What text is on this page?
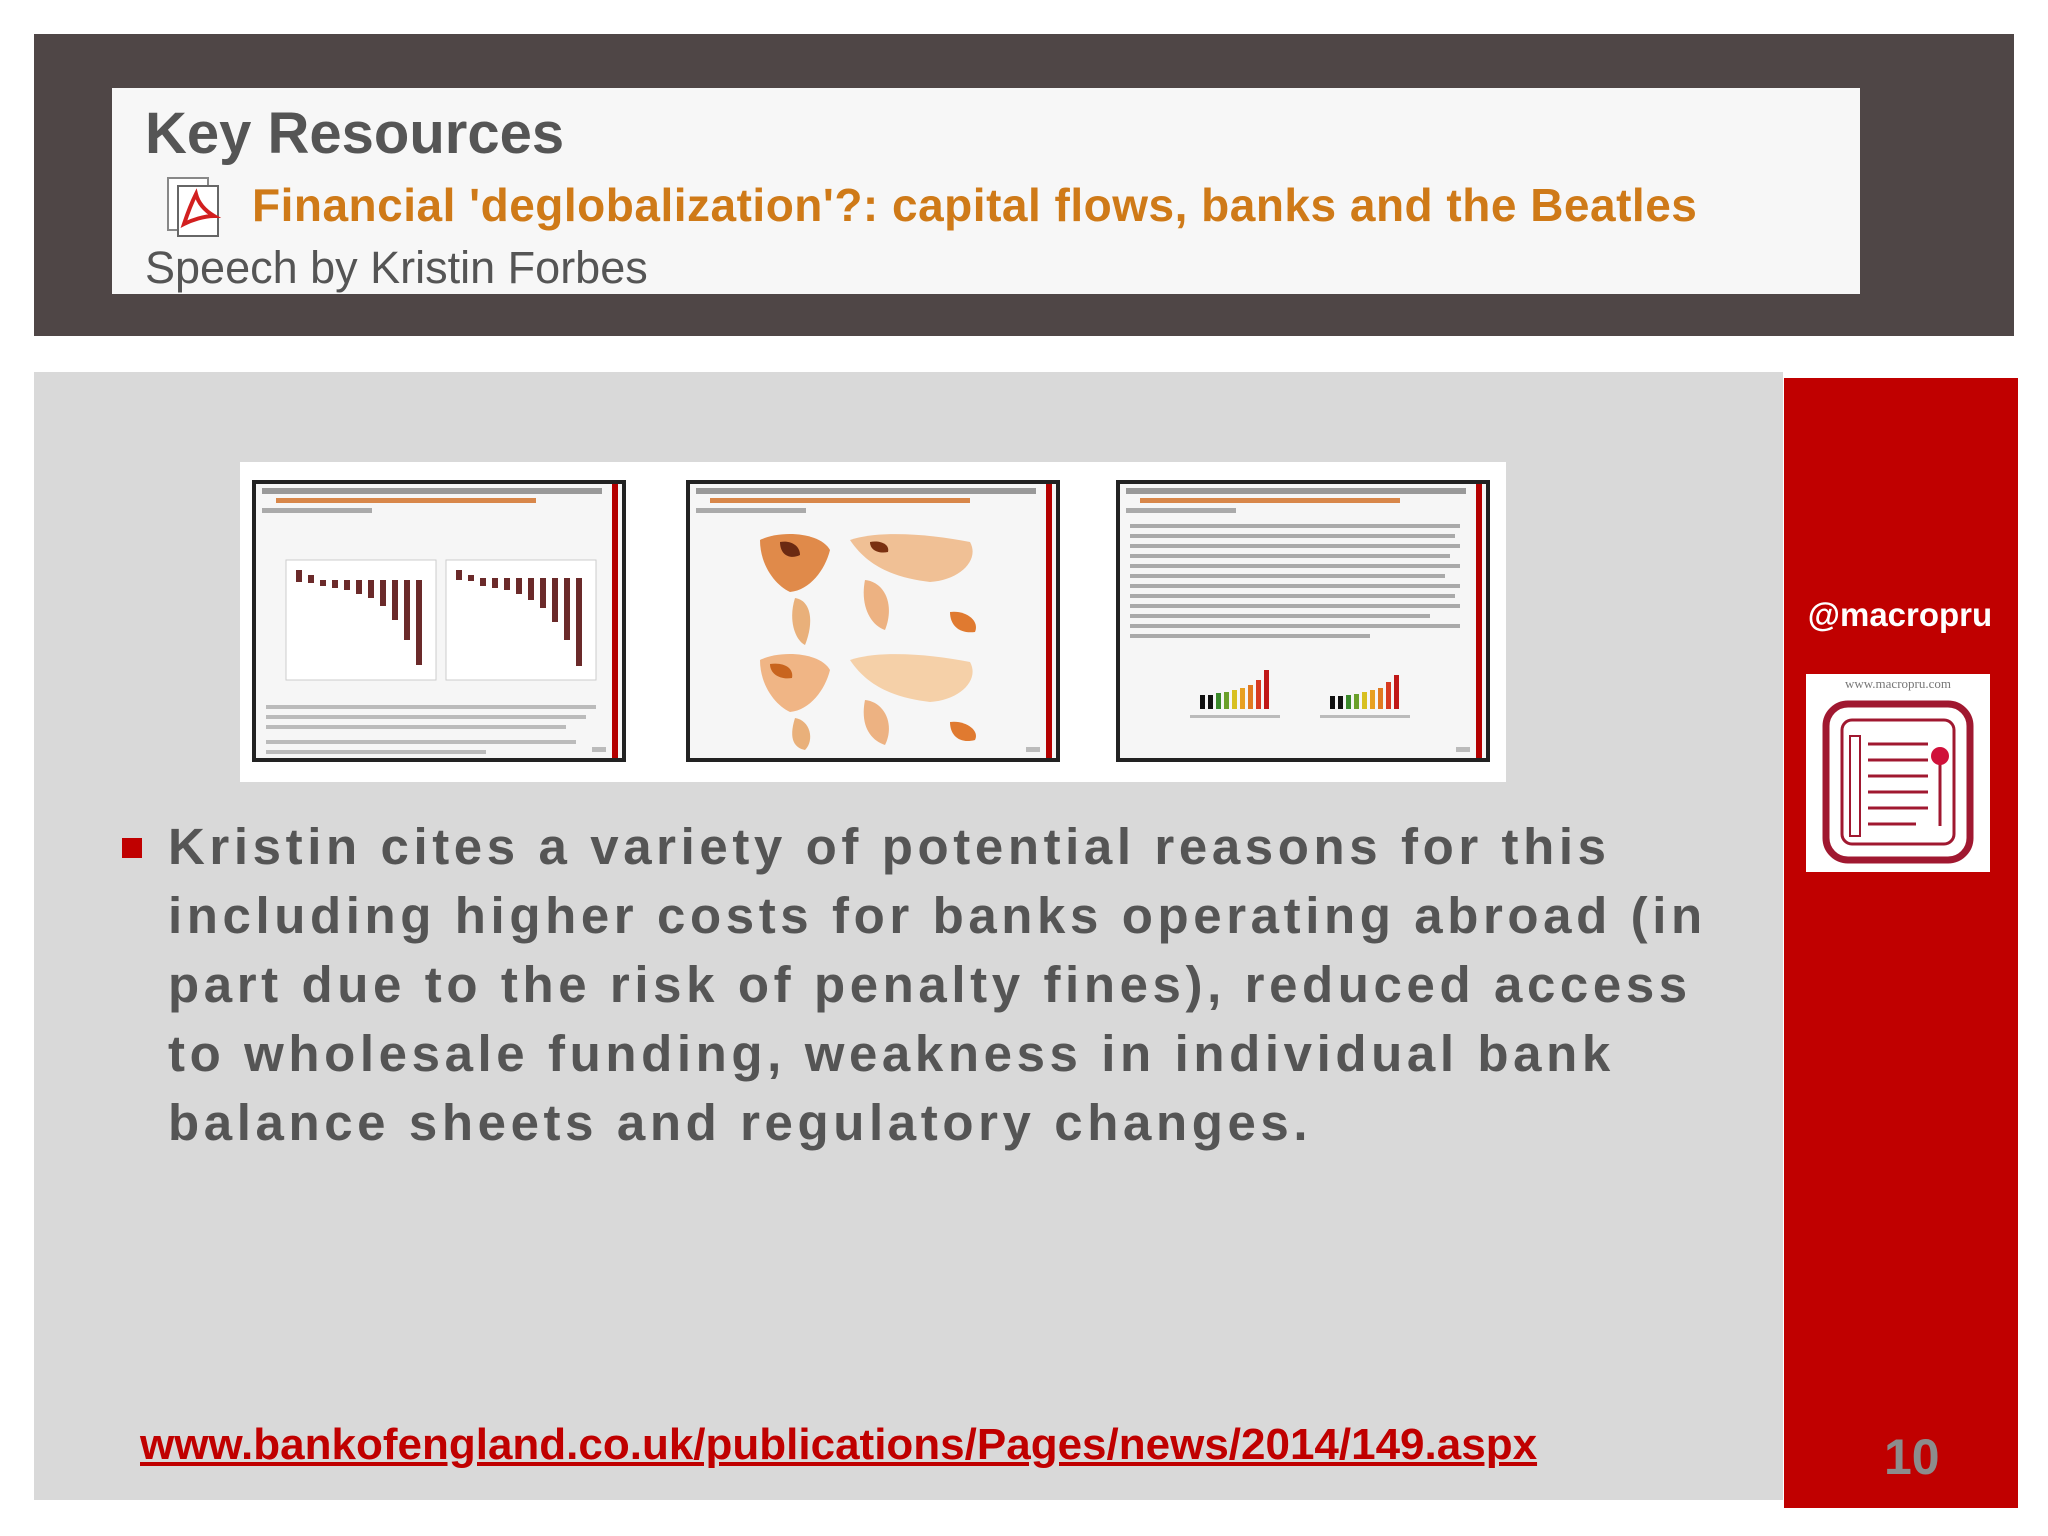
Key Resources
Financial 'deglobalization'?: capital flows, banks and the Beatles
Speech by Kristin Forbes
Kristin cites a variety of potential reasons for this including higher costs for banks operating abroad (in part due to the risk of penalty fines), reduced access to wholesale funding, weakness in individual bank balance sheets and regulatory changes.
www.bankofengland.co.uk/publications/Pages/news/2014/149.aspx
@macropru
www.macropru.com
10
